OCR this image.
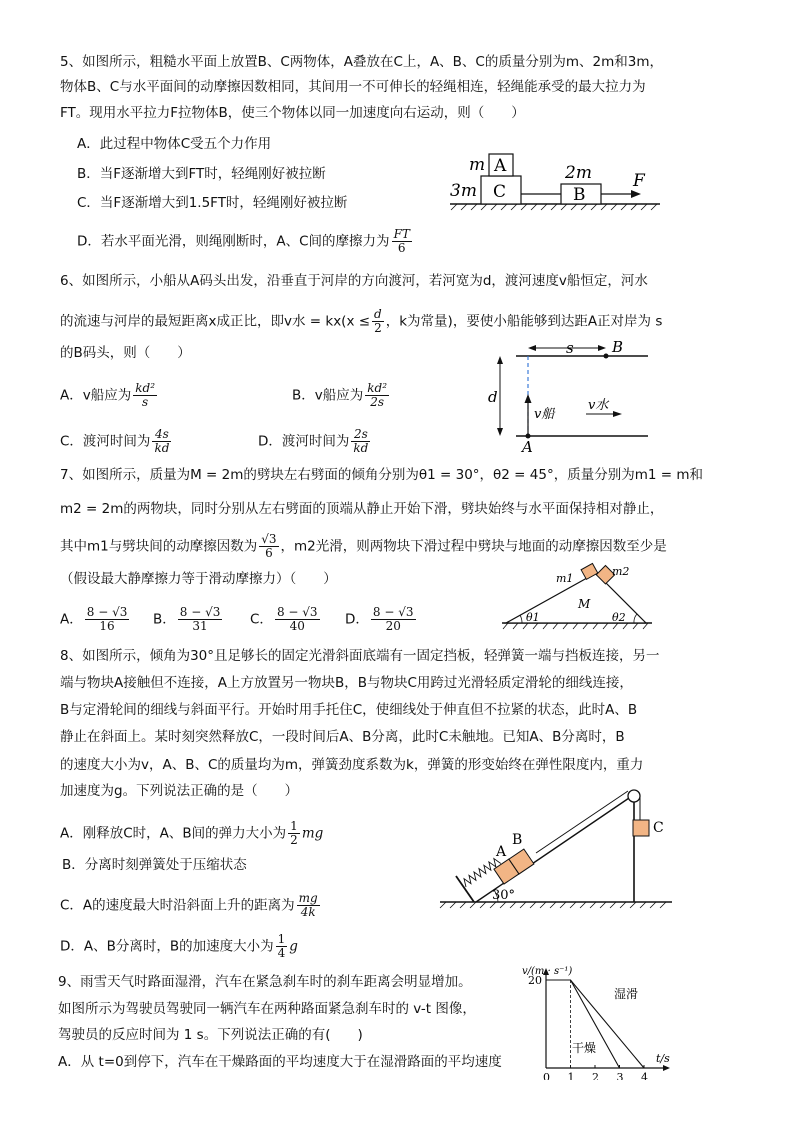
5、如图所示，粗糙水平面上放置B、C两物体，A叠放在C上，A、B、C的质量分别为m、2m和3m，
物体B、C与水平面间的动摩擦因数相同，其间用一不可伸长的轻绳相连，轻绳能承受的最大拉力为
FT。现用水平拉力F拉物体B，使三个物体以同一加速度向右运动，则（　　）
A．此过程中物体C受五个力作用
B．当F逐渐增大到FT时，轻绳刚好被拉断
C．当F逐渐增大到1.5FT时，轻绳刚好被拉断
D．若水平面光滑，则绳刚断时，A、C间的摩擦力为 $\frac{FT}{6}$
m A
3m C
2m
B
F
6、如图所示，小船从A码头出发，沿垂直于河岸的方向渡河，若河宽为d，渡河速度v船恒定，河水
的流速与河岸的最短距离x成正比，即v水 = $kx(x \le \frac{d}{2}$ ，k为常量)，要使小船能够到达距A正对岸为 s
的B码头，则（　　）
A．v船应为 $\frac{\text{kd²}}{s}$	B．v船应为 $\frac{\text{kd²}}{2s}$
C．渡河时间为 $\frac{4s}{kd}$	D．渡河时间为 $\frac{2s}{kd}$
s	B
d
v船
v水
A
7、如图所示，质量为M = 2m的劈块左右劈面的倾角分别为θ1 = 30°，θ2 = 45°，质量分别为m1 = m和
m2 = 2m的两物块，同时分别从左右劈面的顶端从静止开始下滑，劈块始终与水平面保持相对静止，
其中m1与劈块间的动摩擦因数为 $\frac{√3}{6}$ ，m2光滑，则两物块下滑过程中劈块与地面的动摩擦因数至少是
（假设最大静摩擦力等于滑动摩擦力）（　　）
A． $\frac{8 - √3}{16}$ B． $\frac{8 - √3}{31}$ C． $\frac{8 - √3}{40}$ D． $\frac{8 - √3}{20}$
m1
m2
M
θ1	θ2
8、如图所示，倾角为30°且足够长的固定光滑斜面底端有一固定挡板，轻弹簧一端与挡板连接，另一
端与物块A接触但不连接，A上方放置另一物块B，B与物块C用跨过光滑轻质定滑轮的细线连接，
B与定滑轮间的细线与斜面平行。开始时用手托住C，使细线处于伸直但不拉紧的状态，此时A、B
静止在斜面上。某时刻突然释放C，一段时间后A、B分离，此时C未触地。已知A、B分离时，B
的速度大小为v，A、B、C的质量均为m，弹簧劲度系数为k，弹簧的形变始终在弹性限度内，重力
加速度为g。下列说法正确的是（　　）
A．刚释放C时，A、B间的弹力大小为 $\frac{1}{2}$ mg
B．分离时刻弹簧处于压缩状态
C．A的速度最大时沿斜面上升的距离为 $\frac{mg}{4k}$
D．A、B分离时，B的加速度大小为 $\frac{1}{4}$ g
A
B
C
30°
9、雨雪天气时路面湿滑，汽车在紧急刹车时的刹车距离会明显增加。
如图所示为驾驶员驾驶同一辆汽车在两种路面紧急刹车时的 v-t 图像，
驾驶员的反应时间为 1 s。下列说法正确的有(　　)
A．从 t=0到停下，汽车在干燥路面的平均速度大于在湿滑路面的平均速度
v/(m · s⁻¹)
t/s
0 1 2 3 4
20
湿滑
干燥
